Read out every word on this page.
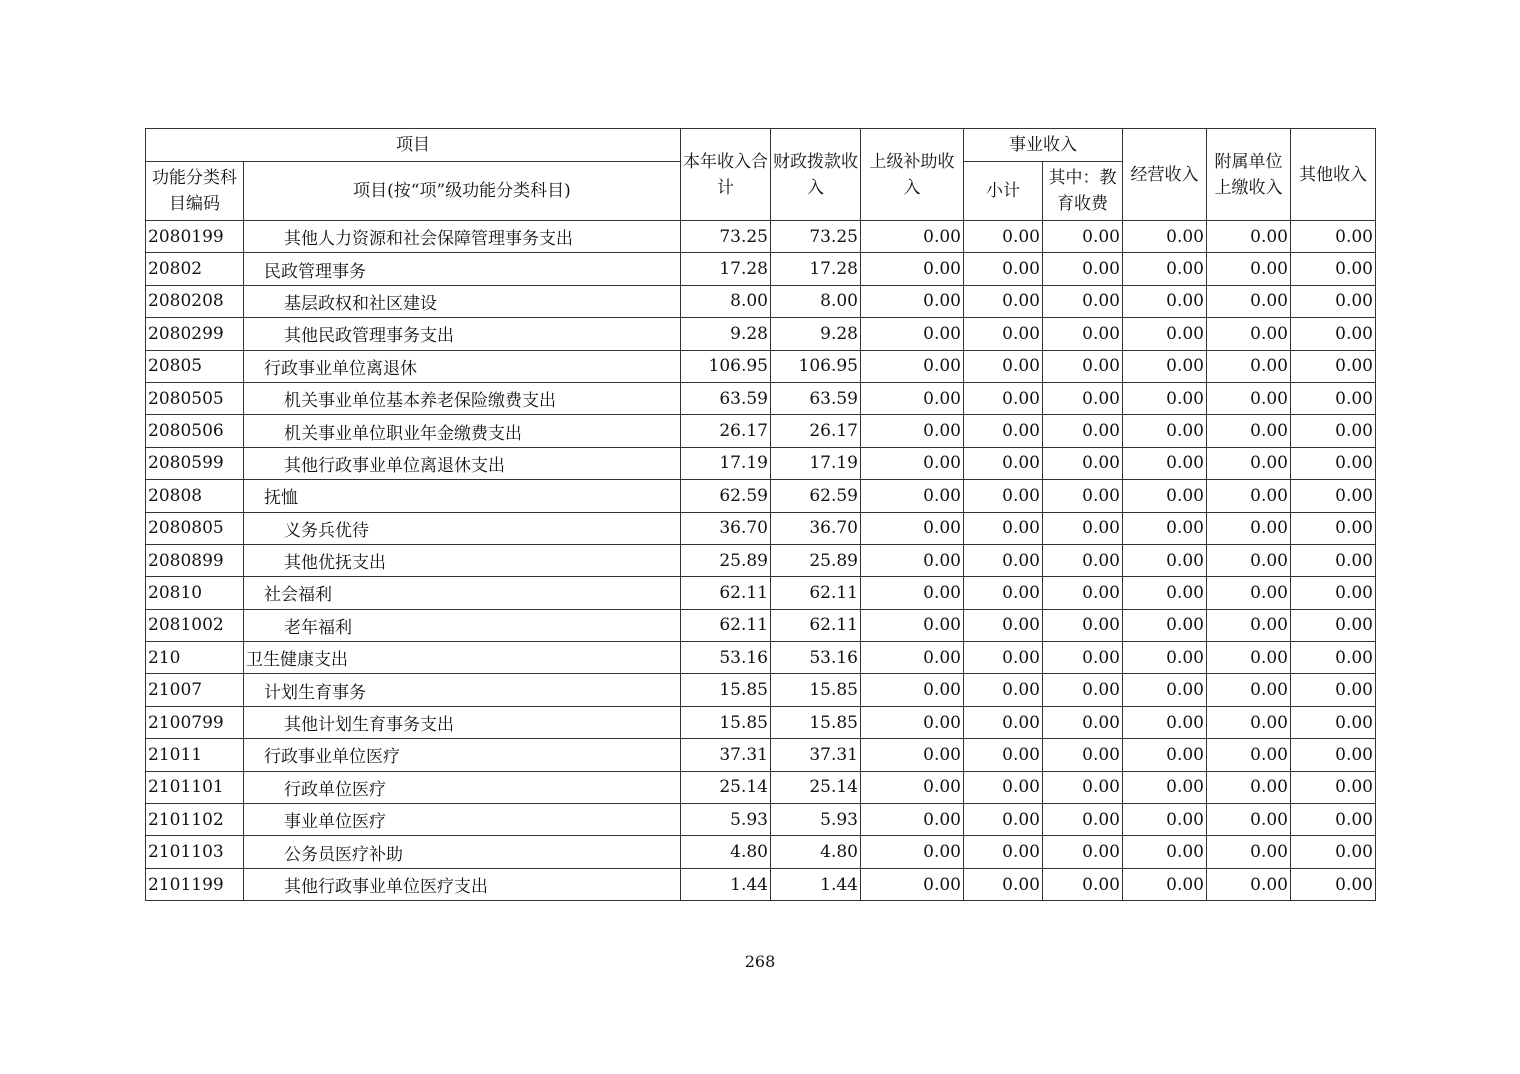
项目		本年收入合计	财政拨款收入	上级补助收入	事业收入		经营收入	附属单位上缴收入	其他收入
功能分类科目编码	项目(按“项”级功能分类科目)				小计	其中：教育收费			
2080199	其他人力资源和社会保障管理事务支出	73.25	73.25	0.00	0.00	0.00	0.00	0.00	0.00
20802	民政管理事务	17.28	17.28	0.00	0.00	0.00	0.00	0.00	0.00
2080208	基层政权和社区建设	8.00	8.00	0.00	0.00	0.00	0.00	0.00	0.00
2080299	其他民政管理事务支出	9.28	9.28	0.00	0.00	0.00	0.00	0.00	0.00
20805	行政事业单位离退休	106.95	106.95	0.00	0.00	0.00	0.00	0.00	0.00
2080505	机关事业单位基本养老保险缴费支出	63.59	63.59	0.00	0.00	0.00	0.00	0.00	0.00
2080506	机关事业单位职业年金缴费支出	26.17	26.17	0.00	0.00	0.00	0.00	0.00	0.00
2080599	其他行政事业单位离退休支出	17.19	17.19	0.00	0.00	0.00	0.00	0.00	0.00
20808	抚恤	62.59	62.59	0.00	0.00	0.00	0.00	0.00	0.00
2080805	义务兵优待	36.70	36.70	0.00	0.00	0.00	0.00	0.00	0.00
2080899	其他优抚支出	25.89	25.89	0.00	0.00	0.00	0.00	0.00	0.00
20810	社会福利	62.11	62.11	0.00	0.00	0.00	0.00	0.00	0.00
2081002	老年福利	62.11	62.11	0.00	0.00	0.00	0.00	0.00	0.00
210	卫生健康支出	53.16	53.16	0.00	0.00	0.00	0.00	0.00	0.00
21007	计划生育事务	15.85	15.85	0.00	0.00	0.00	0.00	0.00	0.00
2100799	其他计划生育事务支出	15.85	15.85	0.00	0.00	0.00	0.00	0.00	0.00
21011	行政事业单位医疗	37.31	37.31	0.00	0.00	0.00	0.00	0.00	0.00
2101101	行政单位医疗	25.14	25.14	0.00	0.00	0.00	0.00	0.00	0.00
2101102	事业单位医疗	5.93	5.93	0.00	0.00	0.00	0.00	0.00	0.00
2101103	公务员医疗补助	4.80	4.80	0.00	0.00	0.00	0.00	0.00	0.00
2101199	其他行政事业单位医疗支出	1.44	1.44	0.00	0.00	0.00	0.00	0.00	0.00
268
